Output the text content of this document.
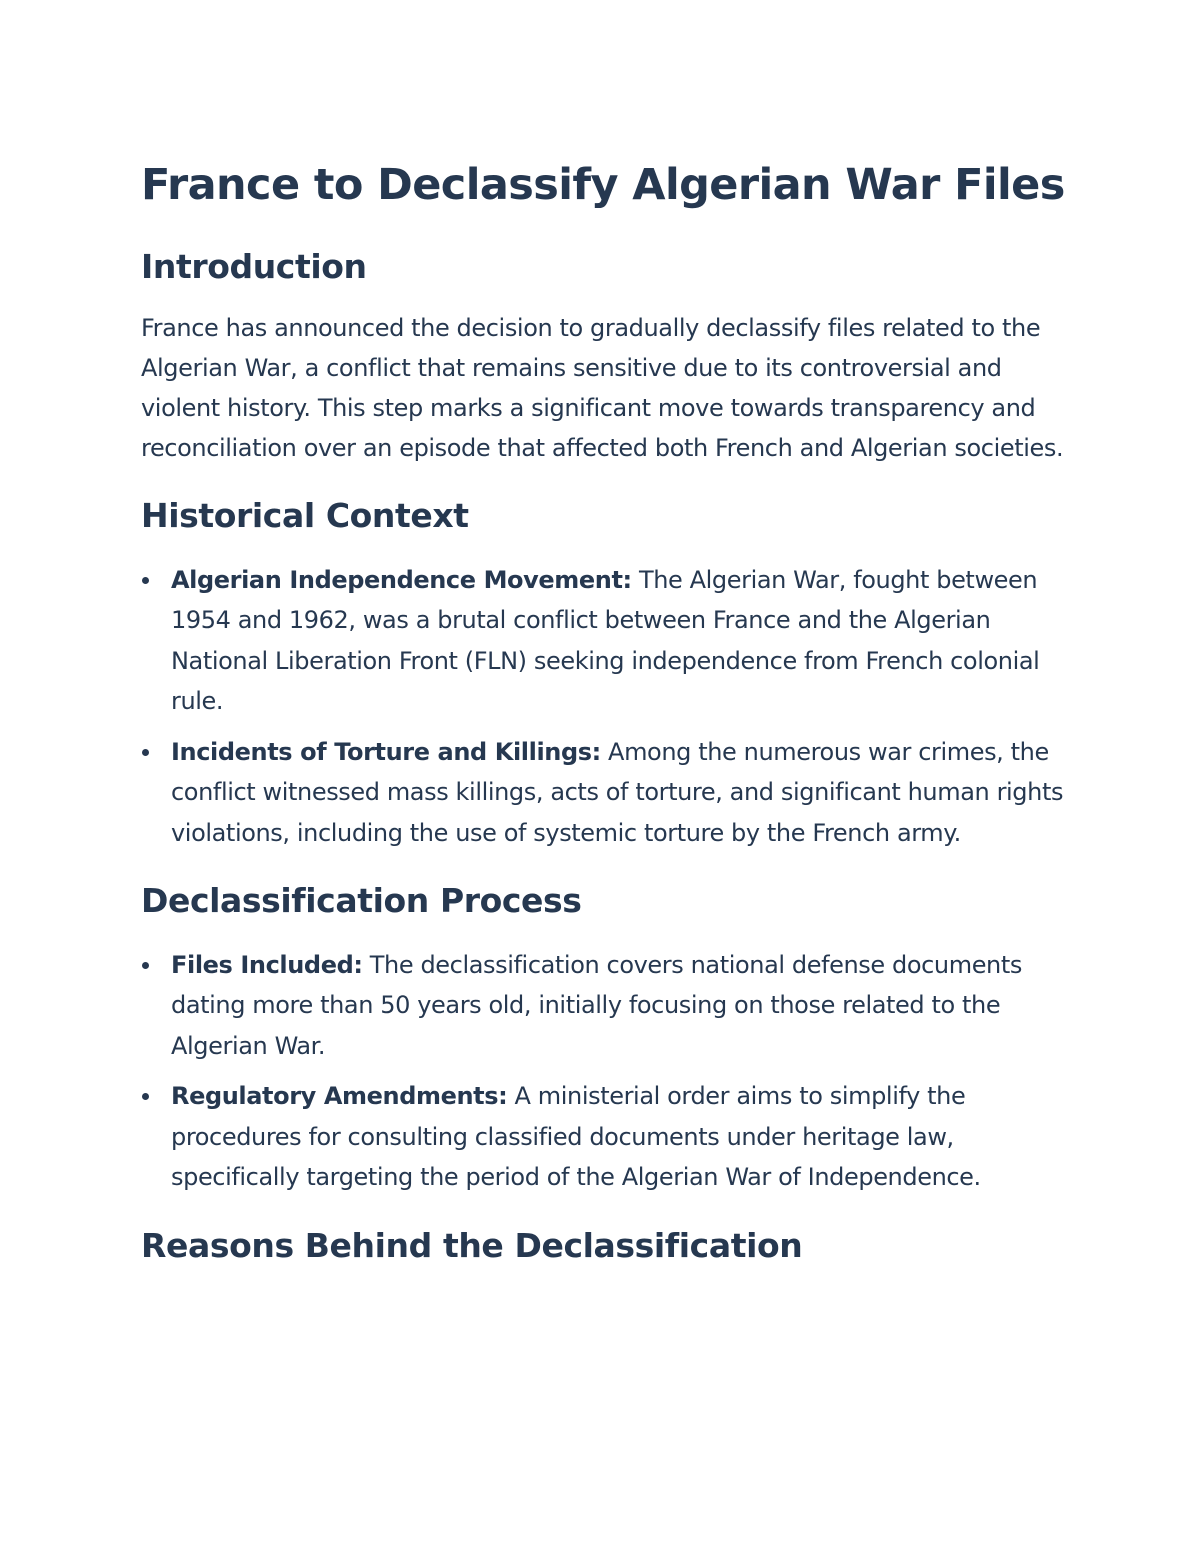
France to Declassify Algerian War Files
Introduction

France has announced the decision to gradually declassify files related to the Algerian War, a conflict that remains sensitive due to its controversial and violent history. This step marks a significant move towards transparency and reconciliation over an episode that affected both French and Algerian societies.

Historical Context
Algerian Independence Movement: The Algerian War, fought between 1954 and 1962, was a brutal conflict between France and the Algerian National Liberation Front (FLN) seeking independence from French colonial rule.
Incidents of Torture and Killings: Among the numerous war crimes, the conflict witnessed mass killings, acts of torture, and significant human rights violations, including the use of systemic torture by the French army.
Declassification Process
Files Included: The declassification covers national defense documents dating more than 50 years old, initially focusing on those related to the Algerian War.
Regulatory Amendments: A ministerial order aims to simplify the procedures for consulting classified documents under heritage law, specifically targeting the period of the Algerian War of Independence.
Reasons Behind the Declassification
